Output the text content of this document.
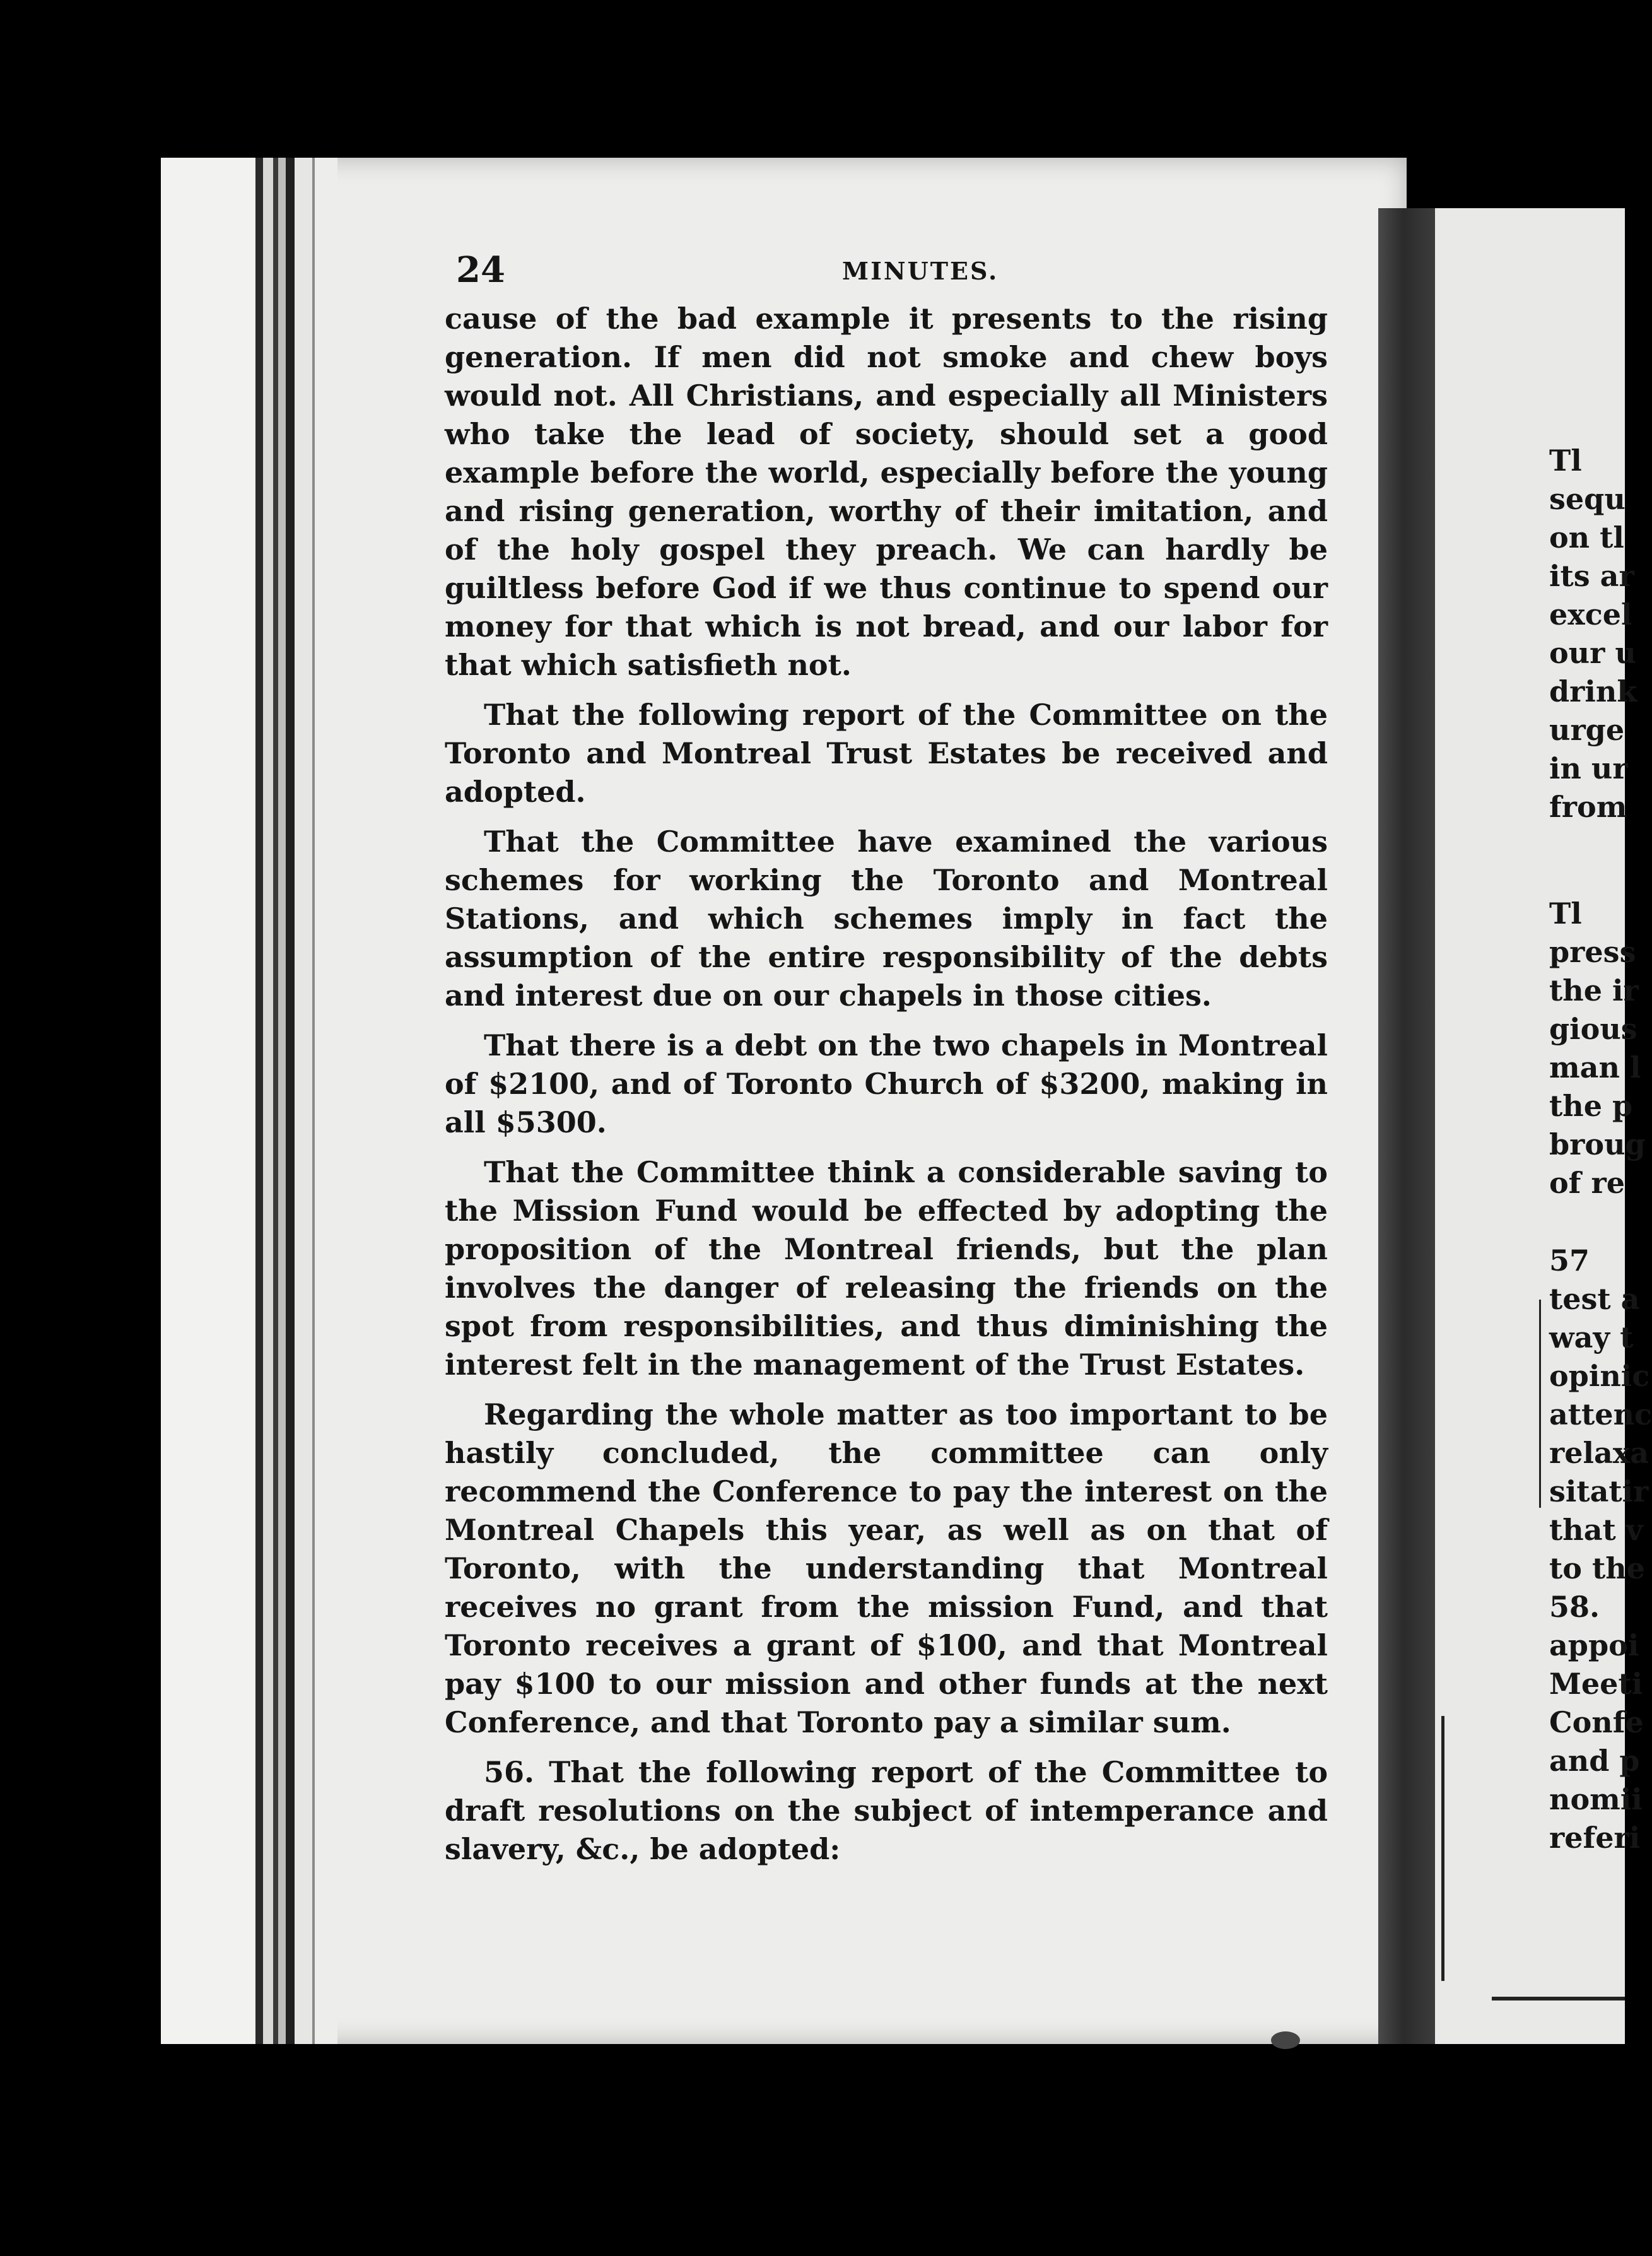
24	MINUTES.

cause of the bad example it presents to the rising generation. If men did not smoke and chew boys would not. All Christians, and especially all Ministers who take the lead of society, should set a good example before the world, especially before the young and rising generation, worthy of their imitation, and of the holy gospel they preach. We can hardly be guiltless before God if we thus continue to spend our money for that which is not bread, and our labor for that which satisfieth not.

That the following report of the Committee on the Toronto and Montreal Trust Estates be received and adopted.

That the Committee have examined the various schemes for working the Toronto and Montreal Stations, and which schemes imply in fact the assumption of the entire responsibility of the debts and interest due on our chapels in those cities.

That there is a debt on the two chapels in Montreal of $2100, and of Toronto Church of $3200, making in all $5300.

That the Committee think a considerable saving to the Mission Fund would be effected by adopting the proposition of the Montreal friends, but the plan involves the danger of releasing the friends on the spot from responsibilities, and thus diminishing the interest felt in the management of the Trust Estates.

Regarding the whole matter as too important to be hastily concluded, the committee can only recommend the Conference to pay the interest on the Montreal Chapels this year, as well as on that of Toronto, with the understanding that Montreal receives no grant from the mission Fund, and that Toronto receives a grant of $100, and that Montreal pay $100 to our mission and other funds at the next Conference, and that Toronto pay a similar sum.

56. That the following report of the Committee to draft resolutions on the subject of intemperance and slavery, &c., be adopted:

Tl
sequ
on tl
its ar
excel
our u
drink
urge
in ur
from
Tl
press
the ir
gious
man l
the p
broug
of re
57
test a
way t
opinic
attenc
relaxa
sitatir
that v
to the
58.
appoi
Meeti
Confe
and p
nomii
referi
